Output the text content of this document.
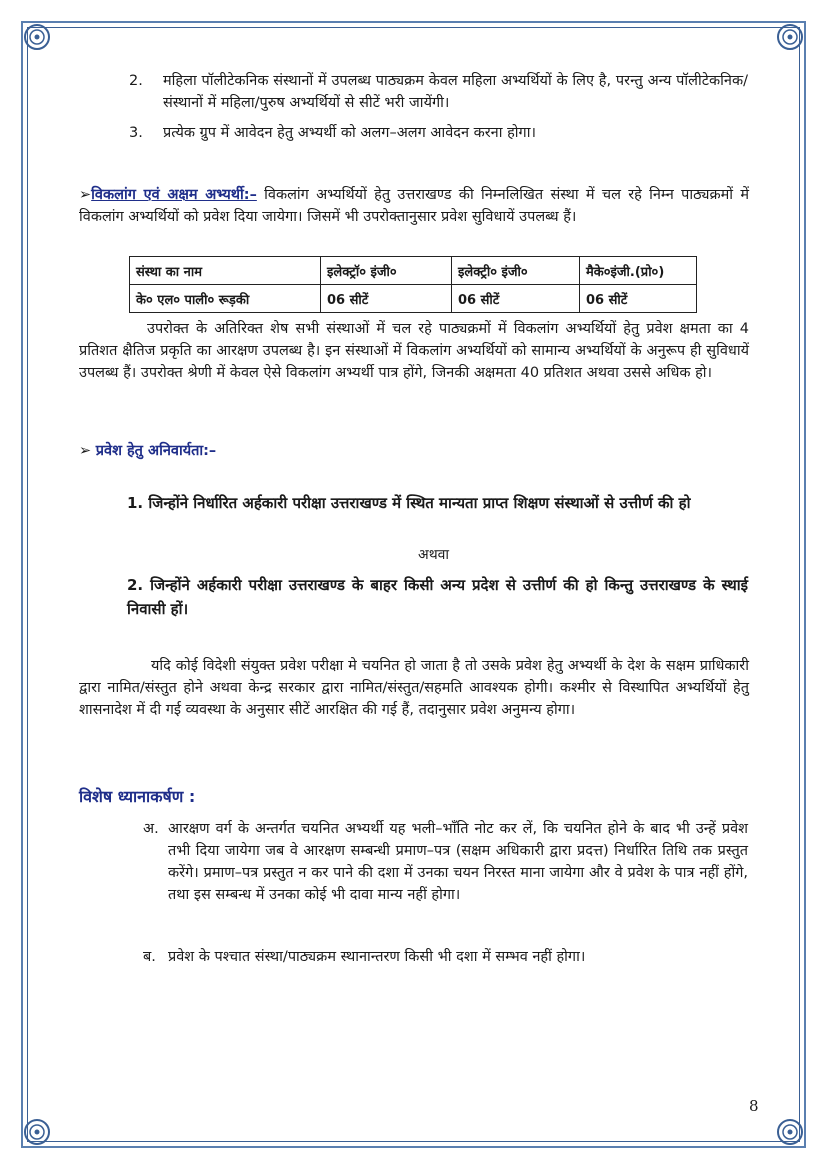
2. महिला पॉलीटेकनिक संस्थानों में उपलब्ध पाठ्यक्रम केवल महिला अभ्यर्थियों के लिए है, परन्तु अन्य पॉलीटेकनिक/संस्थानों में महिला/पुरुष अभ्यर्थियों से सीटें भरी जायेंगी।
3. प्रत्येक ग्रुप में आवेदन हेतु अभ्यर्थी को अलग–अलग आवेदन करना होगा।
➢विकलांग एवं अक्षम अभ्यर्थी:– विकलांग अभ्यर्थियों हेतु उत्तराखण्ड की निम्नलिखित संस्था में चल रहे निम्न पाठ्यक्रमों में विकलांग अभ्यर्थियों को प्रवेश दिया जायेगा। जिसमें भी उपरोक्तानुसार प्रवेश सुविधायें उपलब्ध हैं।
संस्था का नाम	इलेक्ट्रॉ० इंजी०	इलेक्ट्री० इंजी०	मैके०इंजी.(प्रो०)
के० एल० पाली० रूड़की	06 सीटें	06 सीटें	06 सीटें
उपरोक्त के अतिरिक्त शेष सभी संस्थाओं में चल रहे पाठ्यक्रमों में विकलांग अभ्यर्थियों हेतु प्रवेश क्षमता का 4 प्रतिशत क्षैतिज प्रकृति का आरक्षण उपलब्ध है। इन संस्थाओं में विकलांग अभ्यर्थियों को सामान्य अभ्यर्थियों के अनुरूप ही सुविधायें उपलब्ध हैं। उपरोक्त श्रेणी में केवल ऐसे विकलांग अभ्यर्थी पात्र होंगे, जिनकी अक्षमता 40 प्रतिशत अथवा उससे अधिक हो।
➢ प्रवेश हेतु अनिवार्यता:–
1. जिन्होंने निर्धारित अर्हकारी परीक्षा उत्तराखण्ड में स्थित मान्यता प्राप्त शिक्षण संस्थाओं से उत्तीर्ण की हो
अथवा
2. जिन्होंने अर्हकारी परीक्षा उत्तराखण्ड के बाहर किसी अन्य प्रदेश से उत्तीर्ण की हो किन्तु उत्तराखण्ड के स्थाई निवासी हों।
यदि कोई विदेशी संयुक्त प्रवेश परीक्षा मे चयनित हो जाता है तो उसके प्रवेश हेतु अभ्यर्थी के देश के सक्षम प्राधिकारी द्वारा नामित/संस्तुत होने अथवा केन्द्र सरकार द्वारा नामित/संस्तुत/सहमति आवश्यक होगी। कश्मीर से विस्थापित अभ्यर्थियों हेतु शासनादेश में दी गई व्यवस्था के अनुसार सीटें आरक्षित की गई हैं, तदानुसार प्रवेश अनुमन्य होगा।
विशेष ध्यानाकर्षण :
अ. आरक्षण वर्ग के अन्तर्गत चयनित अभ्यर्थी यह भली–भाँति नोट कर लें, कि चयनित होने के बाद भी उन्हें प्रवेश तभी दिया जायेगा जब वे आरक्षण सम्बन्धी प्रमाण–पत्र (सक्षम अधिकारी द्वारा प्रदत्त) निर्धारित तिथि तक प्रस्तुत करेंगे। प्रमाण–पत्र प्रस्तुत न कर पाने की दशा में उनका चयन निरस्त माना जायेगा और वे प्रवेश के पात्र नहीं होंगे, तथा इस सम्बन्ध में उनका कोई भी दावा मान्य नहीं होगा।
ब. प्रवेश के पश्चात संस्था/पाठ्यक्रम स्थानान्तरण किसी भी दशा में सम्भव नहीं होगा।
8
